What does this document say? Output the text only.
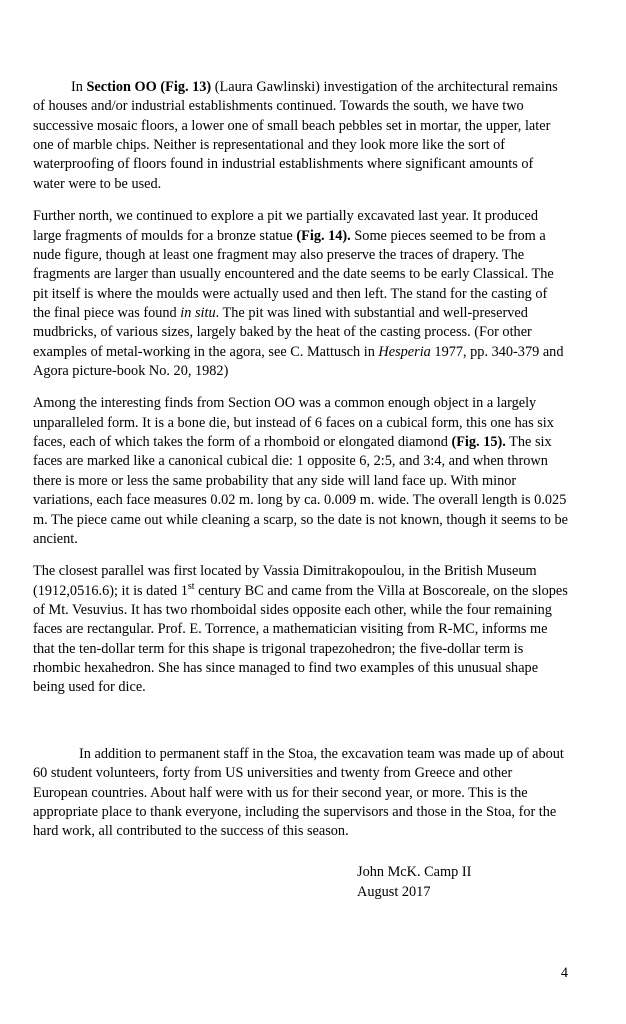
In Section OO (Fig. 13) (Laura Gawlinski) investigation of the architectural remains of houses and/or industrial establishments continued. Towards the south, we have two successive mosaic floors, a lower one of small beach pebbles set in mortar, the upper, later one of marble chips. Neither is representational and they look more like the sort of waterproofing of floors found in industrial establishments where significant amounts of water were to be used.

Further north, we continued to explore a pit we partially excavated last year. It produced large fragments of moulds for a bronze statue (Fig. 14). Some pieces seemed to be from a nude figure, though at least one fragment may also preserve the traces of drapery. The fragments are larger than usually encountered and the date seems to be early Classical. The pit itself is where the moulds were actually used and then left. The stand for the casting of the final piece was found in situ. The pit was lined with substantial and well-preserved mudbricks, of various sizes, largely baked by the heat of the casting process. (For other examples of metal-working in the agora, see C. Mattusch in Hesperia 1977, pp. 340-379 and Agora picture-book No. 20, 1982)

Among the interesting finds from Section OO was a common enough object in a largely unparalleled form. It is a bone die, but instead of 6 faces on a cubical form, this one has six faces, each of which takes the form of a rhomboid or elongated diamond (Fig. 15). The six faces are marked like a canonical cubical die: 1 opposite 6, 2:5, and 3:4, and when thrown there is more or less the same probability that any side will land face up. With minor variations, each face measures 0.02 m. long by ca. 0.009 m. wide. The overall length is 0.025 m. The piece came out while cleaning a scarp, so the date is not known, though it seems to be ancient.

The closest parallel was first located by Vassia Dimitrakopoulou, in the British Museum (1912,0516.6); it is dated 1st century BC and came from the Villa at Boscoreale, on the slopes of Mt. Vesuvius. It has two rhomboidal sides opposite each other, while the four remaining faces are rectangular. Prof. E. Torrence, a mathematician visiting from R-MC, informs me that the ten-dollar term for this shape is trigonal trapezohedron; the five-dollar term is rhombic hexahedron. She has since managed to find two examples of this unusual shape being used for dice.

In addition to permanent staff in the Stoa, the excavation team was made up of about 60 student volunteers, forty from US universities and twenty from Greece and other European countries. About half were with us for their second year, or more. This is the appropriate place to thank everyone, including the supervisors and those in the Stoa, for the hard work, all contributed to the success of this season.

John McK. Camp II
August 2017
4
